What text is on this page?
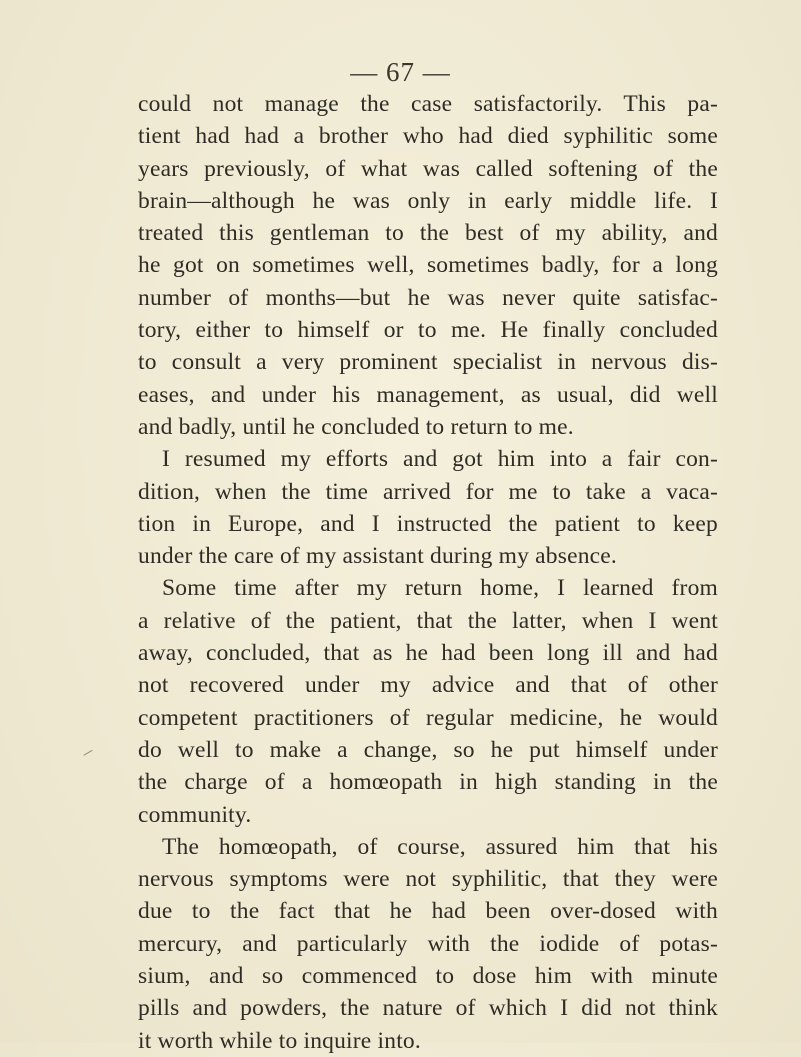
— 67 —
could not manage the case satisfactorily. This pa-
tient had had a brother who had died syphilitic some
years previously, of what was called softening of the
brain—although he was only in early middle life. I
treated this gentleman to the best of my ability, and
he got on sometimes well, sometimes badly, for a long
number of months—but he was never quite satisfac-
tory, either to himself or to me. He finally concluded
to consult a very prominent specialist in nervous dis-
eases, and under his management, as usual, did well
and badly, until he concluded to return to me.
I resumed my efforts and got him into a fair con-
dition, when the time arrived for me to take a vaca-
tion in Europe, and I instructed the patient to keep
under the care of my assistant during my absence.
Some time after my return home, I learned from
a relative of the patient, that the latter, when I went
away, concluded, that as he had been long ill and had
not recovered under my advice and that of other
competent practitioners of regular medicine, he would
do well to make a change, so he put himself under
the charge of a homœopath in high standing in the
community.
The homœopath, of course, assured him that his
nervous symptoms were not syphilitic, that they were
due to the fact that he had been over-dosed with
mercury, and particularly with the iodide of potas-
sium, and so commenced to dose him with minute
pills and powders, the nature of which I did not think
it worth while to inquire into.
